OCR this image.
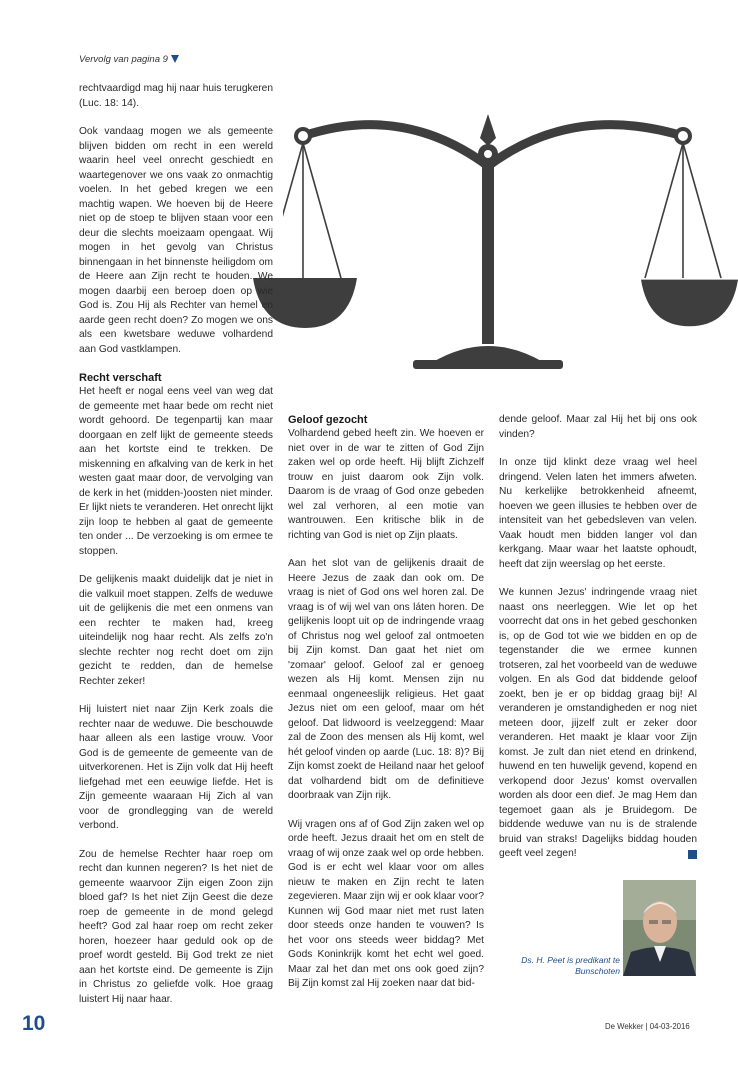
Vervolg van pagina 9

rechtvaardigd mag hij naar huis terugkeren (Luc. 18: 14).

Ook vandaag mogen we als gemeente blijven bidden om recht in een wereld waarin heel veel onrecht geschiedt en waartegenover we ons vaak zo onmachtig voelen. In het gebed kregen we een machtig wapen. We hoeven bij de Heere niet op de stoep te blijven staan voor een deur die slechts moeizaam opengaat. Wij mogen in het gevolg van Christus binnengaan in het binnenste heiligdom om de Heere aan Zijn recht te houden. We mogen daarbij een beroep doen op wie God is. Zou Hij als Rechter van hemel en aarde geen recht doen? Zo mogen we ons als een kwetsbare weduwe volhardend aan God vastklampen.

Recht verschaft

Het heeft er nogal eens veel van weg dat de gemeente met haar bede om recht niet wordt gehoord. De tegenpartij kan maar doorgaan en zelf lijkt de gemeente steeds aan het kortste eind te trekken. De miskenning en afkalving van de kerk in het westen gaat maar door, de vervolging van de kerk in het (midden-)oosten niet minder. Er lijkt niets te veranderen. Het onrecht lijkt zijn loop te hebben al gaat de gemeente ten onder ... De verzoeking is om ermee te stoppen.

De gelijkenis maakt duidelijk dat je niet in die valkuil moet stappen. Zelfs de weduwe uit de gelijkenis die met een onmens van een rechter te maken had, kreeg uiteindelijk nog haar recht. Als zelfs zo'n slechte rechter nog recht doet om zijn gezicht te redden, dan de hemelse Rechter zeker!

Hij luistert niet naar Zijn Kerk zoals die rechter naar de weduwe. Die beschouwde haar alleen als een lastige vrouw. Voor God is de gemeente de gemeente van de uitverkorenen. Het is Zijn volk dat Hij heeft liefgehad met een eeuwige liefde. Het is Zijn gemeente waaraan Hij Zich al van voor de grondlegging van de wereld verbond.

Zou de hemelse Rechter haar roep om recht dan kunnen negeren? Is het niet de gemeente waarvoor Zijn eigen Zoon zijn bloed gaf? Is het niet Zijn Geest die deze roep de gemeente in de mond gelegd heeft? God zal haar roep om recht zeker horen, hoezeer haar geduld ook op de proef wordt gesteld. Bij God trekt ze niet aan het kortste eind. De gemeente is Zijn in Christus zo geliefde volk. Hoe graag luistert Hij naar haar.

Geloof gezocht

Volhardend gebed heeft zin. We hoeven er niet over in de war te zitten of God Zijn zaken wel op orde heeft. Hij blijft Zichzelf trouw en juist daarom ook Zijn volk. Daarom is de vraag of God onze gebeden wel zal verhoren, al een motie van wantrouwen. Een kritische blik in de richting van God is niet op Zijn plaats.

Aan het slot van de gelijkenis draait de Heere Jezus de zaak dan ook om. De vraag is niet of God ons wel horen zal. De vraag is of wij wel van ons láten horen. De gelijkenis loopt uit op de indringende vraag of Christus nog wel geloof zal ontmoeten bij Zijn komst. Dan gaat het niet om 'zomaar' geloof. Geloof zal er genoeg wezen als Hij komt. Mensen zijn nu eenmaal ongeneeslijk religieus. Het gaat Jezus niet om een geloof, maar om hét geloof. Dat lidwoord is veelzeggend: Maar zal de Zoon des mensen als Hij komt, wel hét geloof vinden op aarde (Luc. 18: 8)? Bij Zijn komst zoekt de Heiland naar het geloof dat volhardend bidt om de definitieve doorbraak van Zijn rijk.

Wij vragen ons af of God Zijn zaken wel op orde heeft. Jezus draait het om en stelt de vraag of wij onze zaak wel op orde hebben. God is er echt wel klaar voor om alles nieuw te maken en Zijn recht te laten zegevieren. Maar zijn wij er ook klaar voor? Kunnen wij God maar niet met rust laten door steeds onze handen te vouwen? Is het voor ons steeds weer biddag? Met Gods Koninkrijk komt het echt wel goed. Maar zal het dan met ons ook goed zijn? Bij Zijn komst zal Hij zoeken naar dat bid-

dende geloof. Maar zal Hij het bij ons ook vinden?

In onze tijd klinkt deze vraag wel heel dringend. Velen laten het immers afweten. Nu kerkelijke betrokkenheid afneemt, hoeven we geen illusies te hebben over de intensiteit van het gebedsleven van velen. Vaak houdt men bidden langer vol dan kerkgang. Maar waar het laatste ophoudt, heeft dat zijn weerslag op het eerste.

We kunnen Jezus' indringende vraag niet naast ons neerleggen. Wie let op het voorrecht dat ons in het gebed geschonken is, op de God tot wie we bidden en op de tegenstander die we ermee kunnen trotseren, zal het voorbeeld van de weduwe volgen. En als God dat biddende geloof zoekt, ben je er op biddag graag bij! Al veranderen je omstandigheden er nog niet meteen door, jijzelf zult er zeker door veranderen. Het maakt je klaar voor Zijn komst. Je zult dan niet etend en drinkend, huwend en ten huwelijk gevend, kopend en verkopend door Jezus' komst overvallen worden als door een dief. Je mag Hem dan tegemoet gaan als je Bruidegom. De biddende weduwe van nu is de stralende bruid van straks! Dagelijks biddag houden geeft veel zegen!

Ds. H. Peet is predikant te Bunschoten
10	De Wekker | 04-03-2016
